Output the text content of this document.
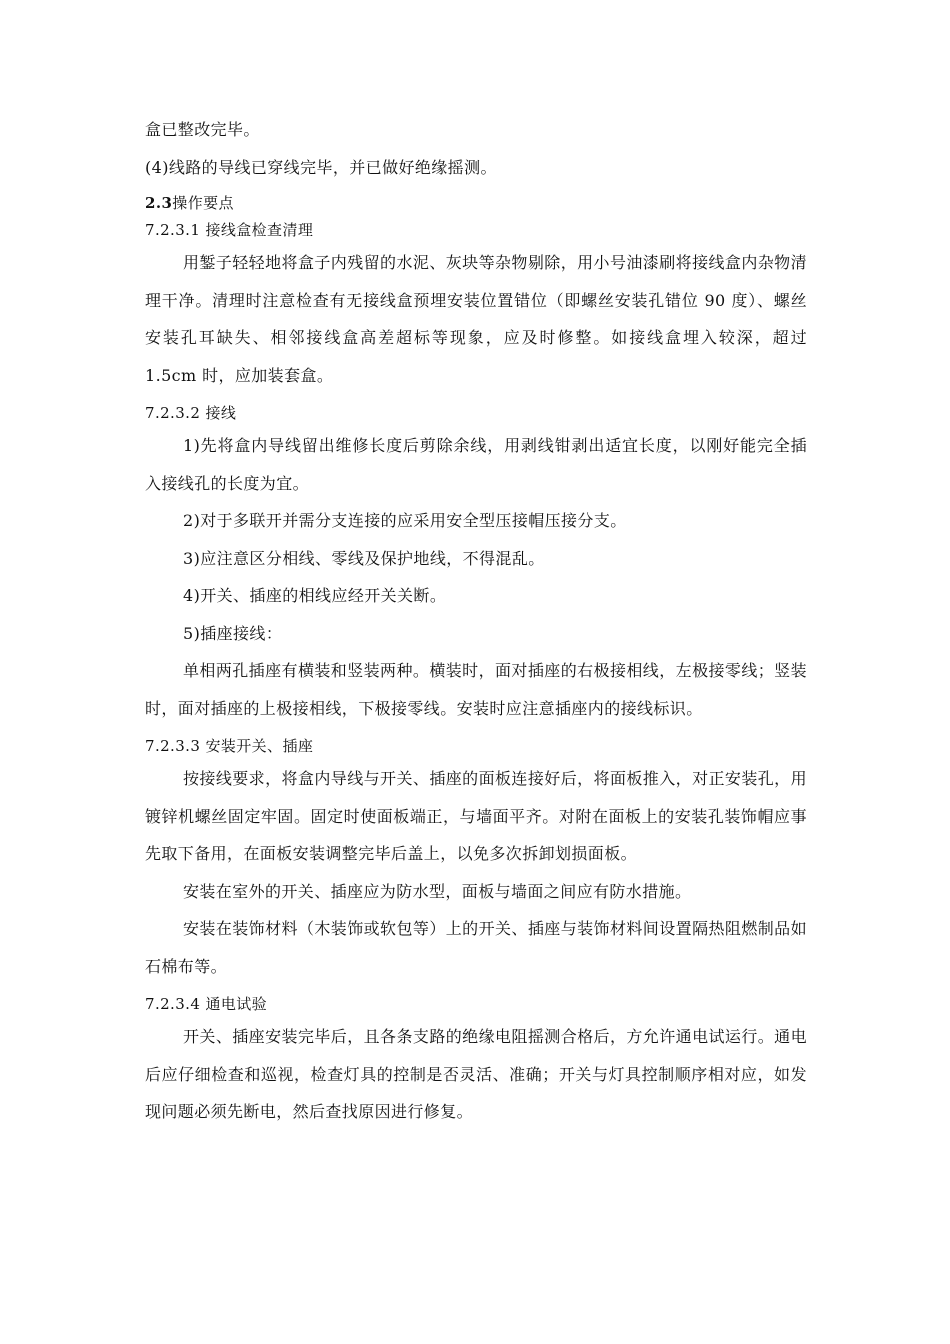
盒已整改完毕。

(4)线路的导线已穿线完毕，并已做好绝缘摇测。

2.3操作要点

7.2.3.1 接线盒检查清理

用錾子轻轻地将盒子内残留的水泥、灰块等杂物剔除，用小号油漆刷将接线盒内杂物清理干净。清理时注意检查有无接线盒预埋安装位置错位（即螺丝安装孔错位 90 度）、螺丝安装孔耳缺失、相邻接线盒高差超标等现象，应及时修整。如接线盒埋入较深，超过 1.5cm 时，应加装套盒。

7.2.3.2 接线

1)先将盒内导线留出维修长度后剪除余线，用剥线钳剥出适宜长度，以刚好能完全插入接线孔的长度为宜。

2)对于多联开并需分支连接的应采用安全型压接帽压接分支。

3)应注意区分相线、零线及保护地线，不得混乱。

4)开关、插座的相线应经开关关断。

5)插座接线：

单相两孔插座有横装和竖装两种。横装时，面对插座的右极接相线，左极接零线；竖装时，面对插座的上极接相线，下极接零线。安装时应注意插座内的接线标识。

7.2.3.3 安装开关、插座

按接线要求，将盒内导线与开关、插座的面板连接好后，将面板推入，对正安装孔，用镀锌机螺丝固定牢固。固定时使面板端正，与墙面平齐。对附在面板上的安装孔装饰帽应事先取下备用，在面板安装调整完毕后盖上，以免多次拆卸划损面板。

安装在室外的开关、插座应为防水型，面板与墙面之间应有防水措施。

安装在装饰材料（木装饰或软包等）上的开关、插座与装饰材料间设置隔热阻燃制品如石棉布等。

7.2.3.4 通电试验

开关、插座安装完毕后，且各条支路的绝缘电阻摇测合格后，方允许通电试运行。通电后应仔细检查和巡视，检查灯具的控制是否灵活、准确；开关与灯具控制顺序相对应，如发现问题必须先断电，然后查找原因进行修复。
